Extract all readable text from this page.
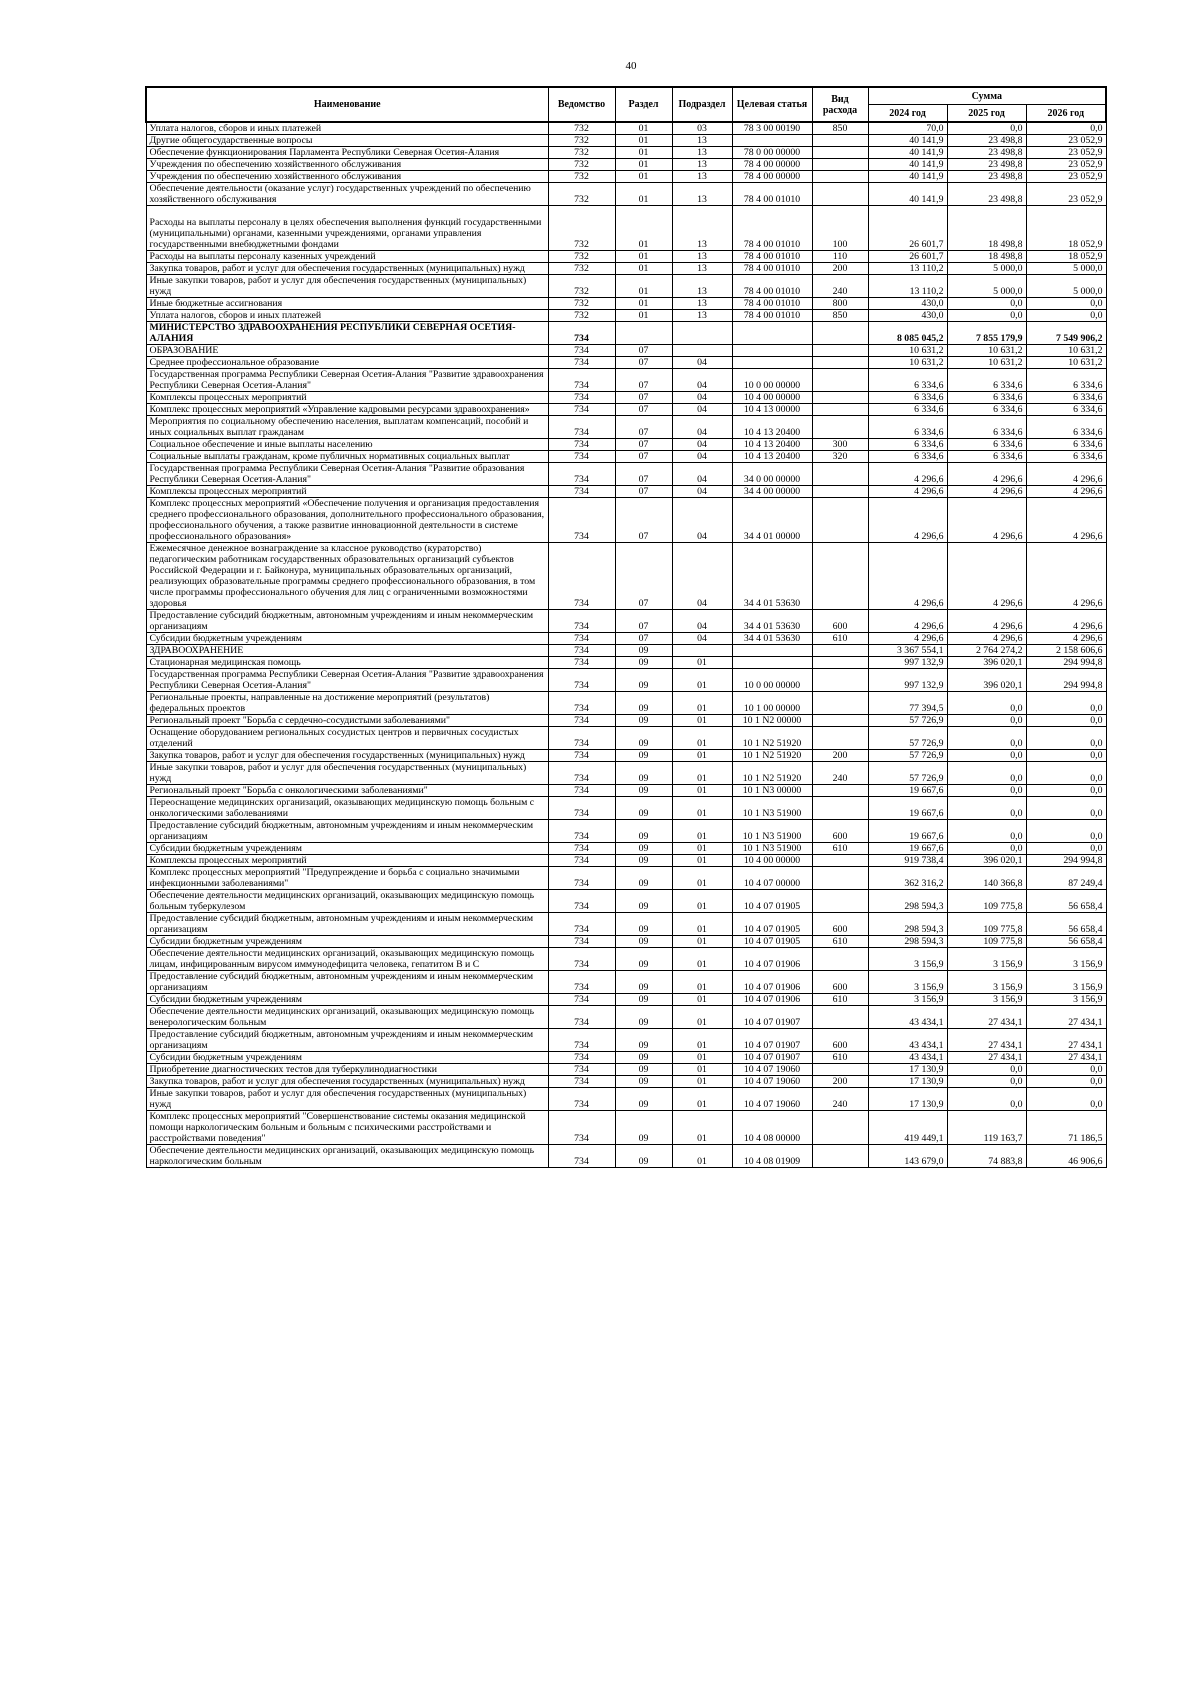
40
Наименование	Ведомство	Раздел	Подраздел	Целевая статья	Вид расхода	Сумма		
						2024 год	2025 год	2026 год
Уплата налогов, сборов и иных платежей	732	01	03	78 3 00 00190	850	70,0	0,0	0,0
Другие общегосударственные вопросы	732	01	13			40 141,9	23 498,8	23 052,9
Обеспечение функционирования Парламента Республики Северная Осетия-Алания	732	01	13	78 0 00 00000		40 141,9	23 498,8	23 052,9
Учреждения по обеспечению хозяйственного обслуживания	732	01	13	78 4 00 00000		40 141,9	23 498,8	23 052,9
Учреждения по обеспечению хозяйственного обслуживания	732	01	13	78 4 00 00000		40 141,9	23 498,8	23 052,9
Обеспечение деятельности (оказание услуг) государственных учреждений по обеспечению хозяйственного обслуживания	732	01	13	78 4 00 01010		40 141,9	23 498,8	23 052,9
Расходы на выплаты персоналу в целях обеспечения выполнения функций государственными (муниципальными) органами, казенными учреждениями, органами управления государственными внебюджетными фондами	732	01	13	78 4 00 01010	100	26 601,7	18 498,8	18 052,9
Расходы на выплаты персоналу казенных учреждений	732	01	13	78 4 00 01010	110	26 601,7	18 498,8	18 052,9
Закупка товаров, работ и услуг для обеспечения государственных (муниципальных) нужд	732	01	13	78 4 00 01010	200	13 110,2	5 000,0	5 000,0
Иные закупки товаров, работ и услуг для обеспечения государственных (муниципальных) нужд	732	01	13	78 4 00 01010	240	13 110,2	5 000,0	5 000,0
Иные бюджетные ассигнования	732	01	13	78 4 00 01010	800	430,0	0,0	0,0
Уплата налогов, сборов и иных платежей	732	01	13	78 4 00 01010	850	430,0	0,0	0,0
МИНИСТЕРСТВО ЗДРАВООХРАНЕНИЯ РЕСПУБЛИКИ СЕВЕРНАЯ ОСЕТИЯ-АЛАНИЯ	734					8 085 045,2	7 855 179,9	7 549 906,2
ОБРАЗОВАНИЕ	734	07				10 631,2	10 631,2	10 631,2
Среднее профессиональное образование	734	07	04			10 631,2	10 631,2	10 631,2
Государственная программа Республики Северная Осетия-Алания "Развитие здравоохранения Республики Северная Осетия-Алания"	734	07	04	10 0 00 00000		6 334,6	6 334,6	6 334,6
Комплексы процессных мероприятий	734	07	04	10 4 00 00000		6 334,6	6 334,6	6 334,6
Комплекс процессных мероприятий «Управление кадровыми ресурсами здравоохранения»	734	07	04	10 4 13 00000		6 334,6	6 334,6	6 334,6
Мероприятия по социальному обеспечению населения, выплатам компенсаций, пособий и иных социальных выплат гражданам	734	07	04	10 4 13 20400		6 334,6	6 334,6	6 334,6
Социальное обеспечение и иные выплаты населению	734	07	04	10 4 13 20400	300	6 334,6	6 334,6	6 334,6
Социальные выплаты гражданам, кроме публичных нормативных социальных выплат	734	07	04	10 4 13 20400	320	6 334,6	6 334,6	6 334,6
Государственная программа Республики Северная Осетия-Алания "Развитие образования Республики Северная Осетия-Алания"	734	07	04	34 0 00 00000		4 296,6	4 296,6	4 296,6
Комплексы процессных мероприятий	734	07	04	34 4 00 00000		4 296,6	4 296,6	4 296,6
Комплекс процессных мероприятий «Обеспечение получения и организация предоставления среднего профессионального образования, дополнительного профессионального образования, профессионального обучения, а также развитие инновационной деятельности в системе профессионального образования»	734	07	04	34 4 01 00000		4 296,6	4 296,6	4 296,6
Ежемесячное денежное вознаграждение за классное руководство (кураторство) педагогическим работникам государственных образовательных организаций субъектов Российской Федерации и г. Байконура, муниципальных образовательных организаций, реализующих образовательные программы среднего профессионального образования, в том числе программы профессионального обучения для лиц с ограниченными возможностями здоровья	734	07	04	34 4 01 53630		4 296,6	4 296,6	4 296,6
Предоставление субсидий бюджетным, автономным учреждениям и иным некоммерческим организациям	734	07	04	34 4 01 53630	600	4 296,6	4 296,6	4 296,6
Субсидии бюджетным учреждениям	734	07	04	34 4 01 53630	610	4 296,6	4 296,6	4 296,6
ЗДРАВООХРАНЕНИЕ	734	09				3 367 554,1	2 764 274,2	2 158 606,6
Стационарная медицинская помощь	734	09	01			997 132,9	396 020,1	294 994,8
Государственная программа Республики Северная Осетия-Алания "Развитие здравоохранения Республики Северная Осетия-Алания"	734	09	01	10 0 00 00000		997 132,9	396 020,1	294 994,8
Региональные проекты, направленные на достижение мероприятий (результатов) федеральных проектов	734	09	01	10 1 00 00000		77 394,5	0,0	0,0
Региональный проект "Борьба с сердечно-сосудистыми заболеваниями"	734	09	01	10 1 N2 00000		57 726,9	0,0	0,0
Оснащение оборудованием региональных сосудистых центров и первичных сосудистых отделений	734	09	01	10 1 N2 51920		57 726,9	0,0	0,0
Закупка товаров, работ и услуг для обеспечения государственных (муниципальных) нужд	734	09	01	10 1 N2 51920	200	57 726,9	0,0	0,0
Иные закупки товаров, работ и услуг для обеспечения государственных (муниципальных) нужд	734	09	01	10 1 N2 51920	240	57 726,9	0,0	0,0
Региональный проект "Борьба с онкологическими заболеваниями"	734	09	01	10 1 N3 00000		19 667,6	0,0	0,0
Переоснащение медицинских организаций, оказывающих медицинскую помощь больным с онкологическими заболеваниями	734	09	01	10 1 N3 51900		19 667,6	0,0	0,0
Предоставление субсидий бюджетным, автономным учреждениям и иным некоммерческим организациям	734	09	01	10 1 N3 51900	600	19 667,6	0,0	0,0
Субсидии бюджетным учреждениям	734	09	01	10 1 N3 51900	610	19 667,6	0,0	0,0
Комплексы процессных мероприятий	734	09	01	10 4 00 00000		919 738,4	396 020,1	294 994,8
Комплекс процессных мероприятий "Предупреждение и борьба с социально значимыми инфекционными заболеваниями"	734	09	01	10 4 07 00000		362 316,2	140 366,8	87 249,4
Обеспечение деятельности медицинских организаций, оказывающих медицинскую помощь больным туберкулезом	734	09	01	10 4 07 01905		298 594,3	109 775,8	56 658,4
Предоставление субсидий бюджетным, автономным учреждениям и иным некоммерческим организациям	734	09	01	10 4 07 01905	600	298 594,3	109 775,8	56 658,4
Субсидии бюджетным учреждениям	734	09	01	10 4 07 01905	610	298 594,3	109 775,8	56 658,4
Обеспечение деятельности медицинских организаций, оказывающих медицинскую помощь лицам, инфицированным вирусом иммунодефицита человека, гепатитом В и С	734	09	01	10 4 07 01906		3 156,9	3 156,9	3 156,9
Предоставление субсидий бюджетным, автономным учреждениям и иным некоммерческим организациям	734	09	01	10 4 07 01906	600	3 156,9	3 156,9	3 156,9
Субсидии бюджетным учреждениям	734	09	01	10 4 07 01906	610	3 156,9	3 156,9	3 156,9
Обеспечение деятельности медицинских организаций, оказывающих медицинскую помощь венерологическим больным	734	09	01	10 4 07 01907		43 434,1	27 434,1	27 434,1
Предоставление субсидий бюджетным, автономным учреждениям и иным некоммерческим организациям	734	09	01	10 4 07 01907	600	43 434,1	27 434,1	27 434,1
Субсидии бюджетным учреждениям	734	09	01	10 4 07 01907	610	43 434,1	27 434,1	27 434,1
Приобретение диагностических тестов для туберкулинодиагностики	734	09	01	10 4 07 19060		17 130,9	0,0	0,0
Закупка товаров, работ и услуг для обеспечения государственных (муниципальных) нужд	734	09	01	10 4 07 19060	200	17 130,9	0,0	0,0
Иные закупки товаров, работ и услуг для обеспечения государственных (муниципальных) нужд	734	09	01	10 4 07 19060	240	17 130,9	0,0	0,0
Комплекс процессных мероприятий "Совершенствование системы оказания медицинской помощи наркологическим больным и больным с психическими расстройствами и расстройствами поведения"	734	09	01	10 4 08 00000		419 449,1	119 163,7	71 186,5
Обеспечение деятельности медицинских организаций, оказывающих медицинскую помощь наркологическим больным	734	09	01	10 4 08 01909		143 679,0	74 883,8	46 906,6
